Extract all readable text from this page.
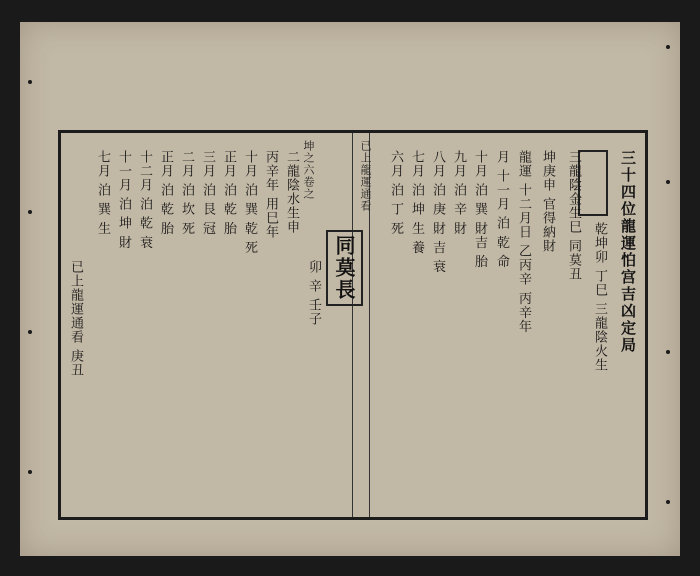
三十四位龍運怕宫吉凶定局
同莫長
坤之六卷之	已上龍運通看
乾坤卯 丁巳 三龍陰火生
三龍陰金生巳 同莫丑
坤庚申 官得納財
龍運 十二月日 乙丙辛 丙辛年
月 十一月 泊 乾 命
十月 泊 巽 財吉 胎
九月 泊 辛 財
八月 泊 庚 財 吉 衰
七月 泊 坤 生 養
六月 泊 丁 死
卯 辛 壬子
二龍陰水生申
丙辛年 用巳年
十月 泊 巽 乾 死
正月 泊 乾 胎
三月 泊 艮 冠
二月 泊 坎 死
正月 泊 乾 胎
十二月 泊 乾 衰
十一月 泊 坤 財
七月 泊 巽 生
已上龍運通看 庚丑
